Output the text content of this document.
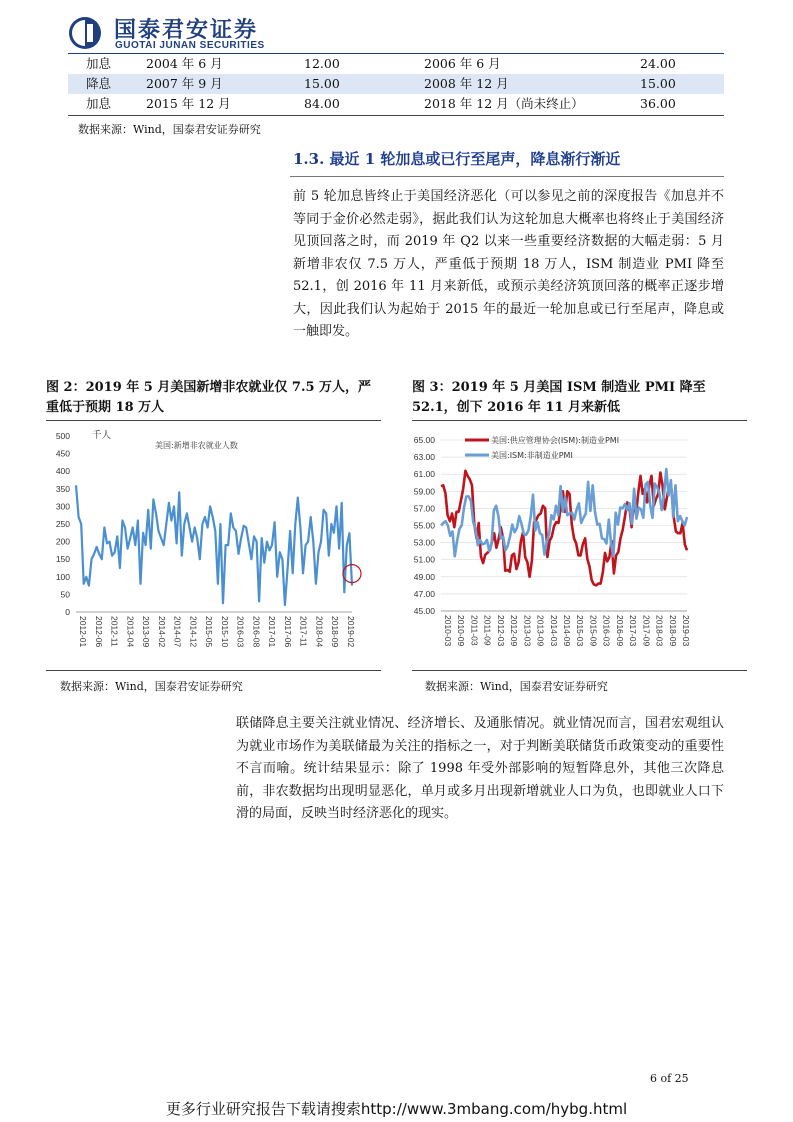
国泰君安证券
GUOTAI JUNAN SECURITIES
加息	2004 年 6 月	12.00	2006 年 6 月	24.00
降息	2007 年 9 月	15.00	2008 年 12 月	15.00
加息	2015 年 12 月	84.00	2018 年 12 月（尚未终止）	36.00
数据来源：Wind，国泰君安证券研究
1.3. 最近 1 轮加息或已行至尾声，降息渐行渐近
前 5 轮加息皆终止于美国经济恶化（可以参见之前的深度报告《加息并不等同于金价必然走弱》，据此我们认为这轮加息大概率也将终止于美国经济见顶回落之时，而 2019 年 Q2 以来一些重要经济数据的大幅走弱：5 月新增非农仅 7.5 万人，严重低于预期 18 万人，ISM 制造业 PMI 降至 52.1，创 2016 年 11 月来新低，或预示美经济筑顶回落的概率正逐步增大，因此我们认为起始于 2015 年的最近一轮加息或已行至尾声，降息或一触即发。
图 2：2019 年 5 月美国新增非农就业仅 7.5 万人，严重低于预期 18 万人
图 3：2019 年 5 月美国 ISM 制造业 PMI 降至 52.1，创下 2016 年 11 月来新低
500
450
400
350
300
250
200
150
100
50
0
2012-01 2012-06 2012-11 2013-04 2013-09 2014-02 2014-07 2014-12 2015-05 2015-10 2016-03 2016-08 2017-01 2017-06 2017-11 2018-04 2018-09 2019-02
美国:新增非农就业人数
千人
数据来源：Wind，国泰君安证券研究
65.00
63.00
61.00
59.00
57.00
55.00
53.00
51.00
49.00
47.00
45.00
2010-03 2010-09 2011-03 2011-09 2012-03 2012-09 2013-03 2013-09 2014-03 2014-09 2015-03 2015-09 2016-03 2016-09 2017-03 2017-09 2018-03 2018-09 2019-03
美国:供应管理协会(ISM):制造业PMI
美国:ISM:非制造业PMI
数据来源：Wind，国泰君安证券研究
联储降息主要关注就业情况、经济增长、及通胀情况。就业情况而言，国君宏观组认为就业市场作为美联储最为关注的指标之一，对于判断美联储货币政策变动的重要性不言而喻。统计结果显示：除了 1998 年受外部影响的短暂降息外，其他三次降息前，非农数据均出现明显恶化，单月或多月出现新增就业人口为负，也即就业人口下滑的局面，反映当时经济恶化的现实。
6 of 25
更多行业研究报告下载请搜索http://www.3mbang.com/hybg.html
